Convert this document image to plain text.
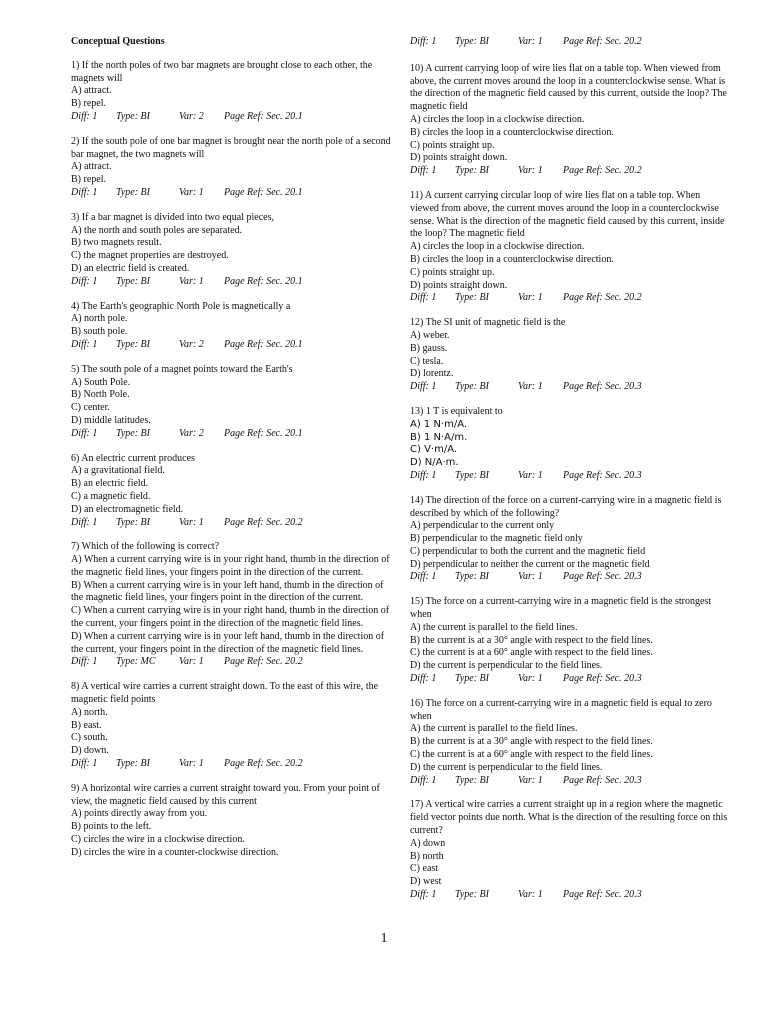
Conceptual Questions

1) If the north poles of two bar magnets are brought close to each other, the magnets will

A) attract.

B) repel.

Diff: 1 Type: BI	Var: 2 Page Ref: Sec. 20.1

2) If the south pole of one bar magnet is brought near the north pole of a second bar magnet, the two magnets will

A) attract.

B) repel.

Diff: 1 Type: BI	Var: 1 Page Ref: Sec. 20.1

3) If a bar magnet is divided into two equal pieces,

A) the north and south poles are separated.

B) two magnets result.

C) the magnet properties are destroyed.

D) an electric field is created.

Diff: 1 Type: BI	Var: 1 Page Ref: Sec. 20.1

4) The Earth's geographic North Pole is magnetically a

A) north pole.

B) south pole.

Diff: 1 Type: BI	Var: 2 Page Ref: Sec. 20.1

5) The south pole of a magnet points toward the Earth's

A) South Pole.

B) North Pole.

C) center.

D) middle latitudes.

Diff: 1 Type: BI	Var: 2 Page Ref: Sec. 20.1

6) An electric current produces

A) a gravitational field.

B) an electric field.

C) a magnetic field.

D) an electromagnetic field.

Diff: 1 Type: BI	Var: 1 Page Ref: Sec. 20.2

7) Which of the following is correct?

A) When a current carrying wire is in your right hand, thumb in the direction of the magnetic field lines, your fingers point in the direction of the current.

B) When a current carrying wire is in your left hand, thumb in the direction of the magnetic field lines, your fingers point in the direction of the current.

C) When a current carrying wire is in your right hand, thumb in the direction of the current, your fingers point in the direction of the magnetic field lines.

D) When a current carrying wire is in your left hand, thumb in the direction of the current, your fingers point in the direction of the magnetic field lines.

Diff: 1 Type: MC Var: 1 Page Ref: Sec. 20.2

8) A vertical wire carries a current straight down. To the east of this wire, the magnetic field points

A) north.

B) east.

C) south.

D) down.

Diff: 1 Type: BI	Var: 1 Page Ref: Sec. 20.2

9) A horizontal wire carries a current straight toward you. From your point of view, the magnetic field caused by this current

A) points directly away from you.

B) points to the left.

C) circles the wire in a clockwise direction.

D) circles the wire in a counter-clockwise direction.

Diff: 1 Type: BI	Var: 1 Page Ref: Sec. 20.2

10) A current carrying loop of wire lies flat on a table top. When viewed from above, the current moves around the loop in a counterclockwise sense. What is the direction of the magnetic field caused by this current, outside the loop? The magnetic field

A) circles the loop in a clockwise direction.

B) circles the loop in a counterclockwise direction.

C) points straight up.

D) points straight down.

Diff: 1 Type: BI	Var: 1 Page Ref: Sec. 20.2

11) A current carrying circular loop of wire lies flat on a table top. When viewed from above, the current moves around the loop in a counterclockwise sense. What is the direction of the magnetic field caused by this current, inside the loop? The magnetic field

A) circles the loop in a clockwise direction.

B) circles the loop in a counterclockwise direction.

C) points straight up.

D) points straight down.

Diff: 1 Type: BI	Var: 1 Page Ref: Sec. 20.2

12) The SI unit of magnetic field is the

A) weber.

B) gauss.

C) tesla.

D) lorentz.

Diff: 1 Type: BI	Var: 1 Page Ref: Sec. 20.3

13) 1 T is equivalent to

A) 1 N·m/A.

B) 1 N·A/m.

C) V·m/A.

D) N/A·m.

Diff: 1 Type: BI	Var: 1 Page Ref: Sec. 20.3

14) The direction of the force on a current-carrying wire in a magnetic field is described by which of the following?

A) perpendicular to the current only

B) perpendicular to the magnetic field only

C) perpendicular to both the current and the magnetic field

D) perpendicular to neither the current or the magnetic field

Diff: 1 Type: BI	Var: 1 Page Ref: Sec. 20.3

15) The force on a current-carrying wire in a magnetic field is the strongest when

A) the current is parallel to the field lines.

B) the current is at a 30° angle with respect to the field lines.

C) the current is at a 60° angle with respect to the field lines.

D) the current is perpendicular to the field lines.

Diff: 1 Type: BI	Var: 1 Page Ref: Sec. 20.3

16) The force on a current-carrying wire in a magnetic field is equal to zero when

A) the current is parallel to the field lines.

B) the current is at a 30° angle with respect to the field lines.

C) the current is at a 60° angle with respect to the field lines.

D) the current is perpendicular to the field lines.

Diff: 1 Type: BI	Var: 1 Page Ref: Sec. 20.3

17) A vertical wire carries a current straight up in a region where the magnetic field vector points due north. What is the direction of the resulting force on this current?

A) down

B) north

C) east

D) west

Diff: 1 Type: BI	Var: 1 Page Ref: Sec. 20.3

1
